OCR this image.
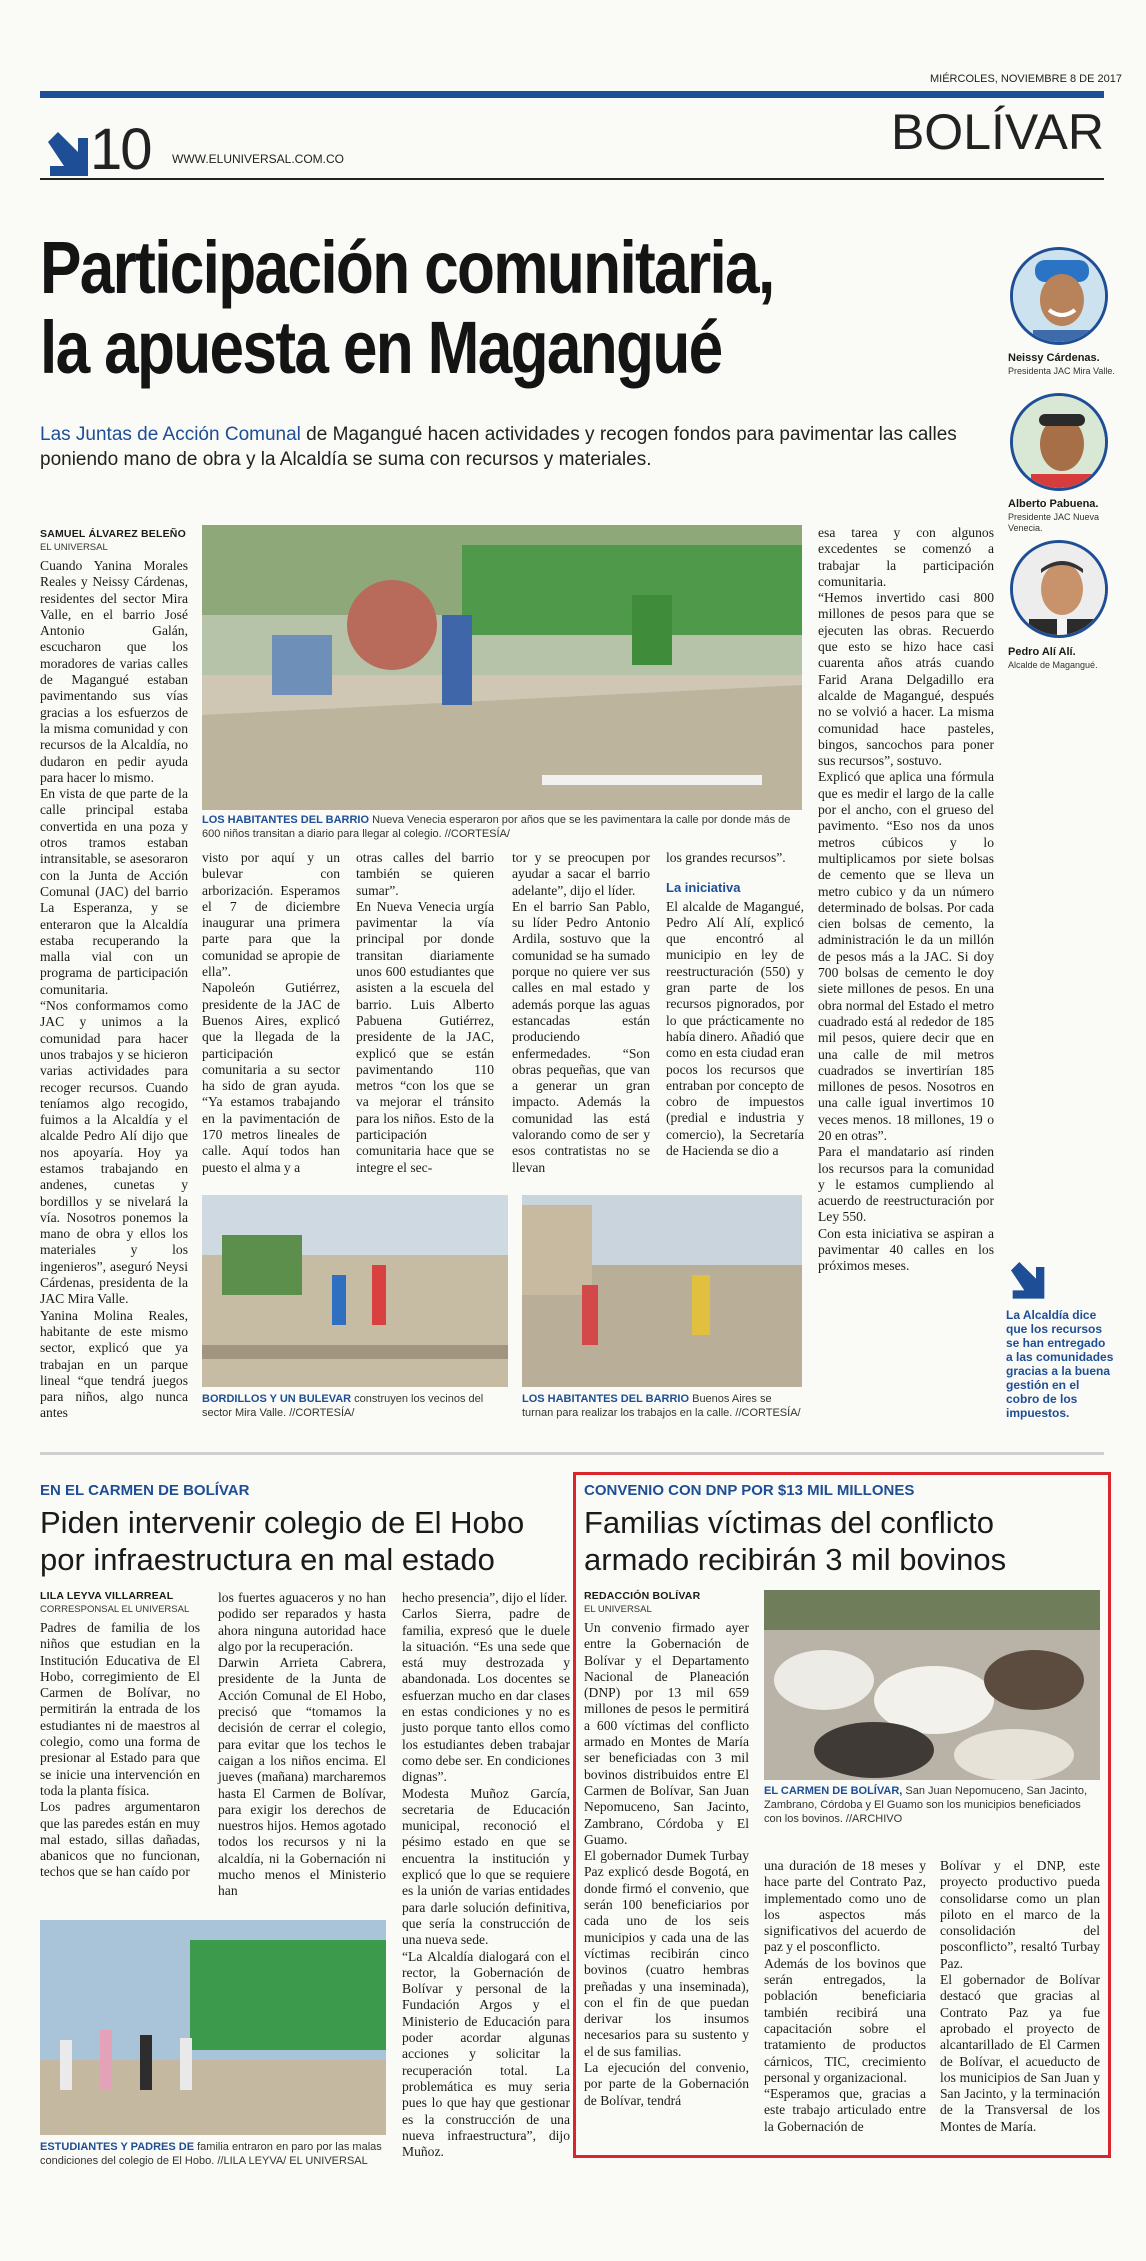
MIÉRCOLES, NOVIEMBRE 8 DE 2017
10 WWW.ELUNIVERSAL.COM.CO	BOLÍVAR
Participación comunitaria,
la apuesta en Magangué
Las Juntas de Acción Comunal de Magangué hacen actividades y recogen fondos para pavimentar las calles poniendo mano de obra y la Alcaldía se suma con recursos y materiales.
Neissy Cárdenas.
Presidenta JAC Mira Valle.
Alberto Pabuena.
Presidente JAC Nueva Venecia.
Pedro Alí Alí.
Alcalde de Magangué.
SAMUEL ÁLVAREZ BELEÑO
EL UNIVERSAL
Cuando Yanina Morales Reales y Neissy Cárdenas, residentes del sector Mira Valle, en el barrio José Antonio Galán, escucharon que los moradores de varias calles de Magangué estaban pavimentando sus vías gracias a los esfuerzos de la misma comunidad y con recursos de la Alcaldía, no dudaron en pedir ayuda para hacer lo mismo.
En vista de que parte de la calle principal estaba convertida en una poza y otros tramos estaban intransitable, se asesoraron con la Junta de Acción Comunal (JAC) del barrio La Esperanza, y se enteraron que la Alcaldía estaba recuperando la malla vial con un programa de participación comunitaria.
“Nos conformamos como JAC y unimos a la comunidad para hacer unos trabajos y se hicieron varias actividades para recoger recursos. Cuando teníamos algo recogido, fuimos a la Alcaldía y el alcalde Pedro Alí dijo que nos apoyaría. Hoy ya estamos trabajando en andenes, cunetas y bordillos y se nivelará la vía. Nosotros ponemos la mano de obra y ellos los materiales y los ingenieros”, aseguró Neysi Cárdenas, presidenta de la JAC Mira Valle.
Yanina Molina Reales, habitante de este mismo sector, explicó que ya trabajan en un parque lineal “que tendrá juegos para niños, algo nunca antes
LOS HABITANTES DEL BARRIO Nueva Venecia esperaron por años que se les pavimentara la calle por donde más de 600 niños transitan a diario para llegar al colegio. //CORTESÍA/
visto por aquí y un bulevar con arborización. Esperamos el 7 de diciembre inaugurar una primera parte para que la comunidad se apropie de ella”.
Napoleón Gutiérrez, presidente de la JAC de Buenos Aires, explicó que la llegada de la participación comunitaria a su sector ha sido de gran ayuda. “Ya estamos trabajando en la pavimentación de 170 metros lineales de calle. Aquí todos han puesto el alma y a
otras calles del barrio también se quieren sumar”.
En Nueva Venecia urgía pavimentar la vía principal por donde transitan diariamente unos 600 estudiantes que asisten a la escuela del barrio. Luis Alberto Pabuena Gutiérrez, presidente de la JAC, explicó que se están pavimentando 110 metros “con los que se va mejorar el tránsito para los niños. Esto de la participación comunitaria hace que se integre el sec-
tor y se preocupen por ayudar a sacar el barrio adelante”, dijo el líder.
En el barrio San Pablo, su líder Pedro Antonio Ardila, sostuvo que la comunidad se ha sumado porque no quiere ver sus calles en mal estado y además porque las aguas estancadas están produciendo enfermedades. “Son obras pequeñas, que van a generar un gran impacto. Además la comunidad las está valorando como de ser y esos contratistas no se llevan
los grandes recursos”.
La iniciativa
El alcalde de Magangué, Pedro Alí Alí, explicó que encontró al municipio en ley de reestructuración (550) y gran parte de los recursos pignorados, por lo que prácticamente no había dinero. Añadió que como en esta ciudad eran pocos los recursos que entraban por concepto de cobro de impuestos (predial e industria y comercio), la Secretaría de Hacienda se dio a
esa tarea y con algunos excedentes se comenzó a trabajar la participación comunitaria.
“Hemos invertido casi 800 millones de pesos para que se ejecuten las obras. Recuerdo que esto se hizo hace casi cuarenta años atrás cuando Farid Arana Delgadillo era alcalde de Magangué, después no se volvió a hacer. La misma comunidad hace pasteles, bingos, sancochos para poner sus recursos”, sostuvo.
Explicó que aplica una fórmula que es medir el largo de la calle por el ancho, con el grueso del pavimento. “Eso nos da unos metros cúbicos y lo multiplicamos por siete bolsas de cemento que se lleva un metro cubico y da un número determinado de bolsas. Por cada cien bolsas de cemento, la administración le da un millón de pesos más a la JAC. Si doy 700 bolsas de cemento le doy siete millones de pesos. En una obra normal del Estado el metro cuadrado está al rededor de 185 mil pesos, quiere decir que en una calle de mil metros cuadrados se invertirían 185 millones de pesos. Nosotros en una calle igual invertimos 10 veces menos. 18 millones, 19 o 20 en otras”.
Para el mandatario así rinden los recursos para la comunidad y le estamos cumpliendo al acuerdo de reestructuración por Ley 550.
Con esta iniciativa se aspiran a pavimentar 40 calles en los próximos meses.
BORDILLOS Y UN BULEVAR construyen los vecinos del sector Mira Valle. //CORTESÍA/
LOS HABITANTES DEL BARRIO Buenos Aires se turnan para realizar los trabajos en la calle. //CORTESÍA/
La Alcaldía dice que los recursos se han entregado a las comunidades gracias a la buena gestión en el cobro de los impuestos.
EN EL CARMEN DE BOLÍVAR
Piden intervenir colegio de El Hobo
por infraestructura en mal estado
LILA LEYVA VILLARREAL
CORRESPONSAL EL UNIVERSAL
Padres de familia de los niños que estudian en la Institución Educativa de El Hobo, corregimiento de El Carmen de Bolívar, no permitirán la entrada de los estudiantes ni de maestros al colegio, como una forma de presionar al Estado para que se inicie una intervención en toda la planta física.
Los padres argumentaron que las paredes están en muy mal estado, sillas dañadas, abanicos que no funcionan, techos que se han caído por
los fuertes aguaceros y no han podido ser reparados y hasta ahora ninguna autoridad hace algo por la recuperación.
Darwin Arrieta Cabrera, presidente de la Junta de Acción Comunal de El Hobo, precisó que “tomamos la decisión de cerrar el colegio, para evitar que los techos le caigan a los niños encima. El jueves (mañana) marcharemos hasta El Carmen de Bolívar, para exigir los derechos de nuestros hijos. Hemos agotado todos los recursos y ni la alcaldía, ni la Gobernación ni mucho menos el Ministerio han
hecho presencia”, dijo el líder.
Carlos Sierra, padre de familia, expresó que le duele la situación. “Es una sede que está muy destrozada y abandonada. Los docentes se esfuerzan mucho en dar clases en estas condiciones y no es justo porque tanto ellos como los estudiantes deben trabajar como debe ser. En condiciones dignas”.
Modesta Muñoz García, secretaria de Educación municipal, reconoció el pésimo estado en que se encuentra la institución y explicó que lo que se requiere es la unión de varias entidades para darle solución definitiva, que sería la construcción de una nueva sede.
“La Alcaldía dialogará con el rector, la Gobernación de Bolívar y personal de la Fundación Argos y el Ministerio de Educación para poder acordar algunas acciones y solicitar la recuperación total. La problemática es muy seria pues lo que hay que gestionar es la construcción de una nueva infraestructura”, dijo Muñoz.
ESTUDIANTES Y PADRES DE familia entraron en paro por las malas condiciones del colegio de El Hobo. //LILA LEYVA/ EL UNIVERSAL
CONVENIO CON DNP POR $13 MIL MILLONES
Familias víctimas del conflicto
armado recibirán 3 mil bovinos
REDACCIÓN BOLÍVAR
EL UNIVERSAL
Un convenio firmado ayer entre la Gobernación de Bolívar y el Departamento Nacional de Planeación (DNP) por 13 mil 659 millones de pesos le permitirá a 600 víctimas del conflicto armado en Montes de María ser beneficiadas con 3 mil bovinos distribuidos entre El Carmen de Bolívar, San Juan Nepomuceno, San Jacinto, Zambrano, Córdoba y El Guamo.
El gobernador Dumek Turbay Paz explicó desde Bogotá, en donde firmó el convenio, que serán 100 beneficiarios por cada uno de los seis municipios y cada una de las víctimas recibirán cinco bovinos (cuatro hembras preñadas y una inseminada), con el fin de que puedan derivar los insumos necesarios para su sustento y el de sus familias.
La ejecución del convenio, por parte de la Gobernación de Bolívar, tendrá
EL CARMEN DE BOLÍVAR, San Juan Nepomuceno, San Jacinto, Zambrano, Córdoba y El Guamo son los municipios beneficiados con los bovinos. //ARCHIVO
una duración de 18 meses y hace parte del Contrato Paz, implementado como uno de los aspectos más significativos del acuerdo de paz y el posconflicto.
Además de los bovinos que serán entregados, la población beneficiaria también recibirá una capacitación sobre el tratamiento de productos cárnicos, TIC, crecimiento personal y organizacional.
“Esperamos que, gracias a este trabajo articulado entre la Gobernación de
Bolívar y el DNP, este proyecto productivo pueda consolidarse como un plan piloto en el marco de la consolidación del posconflicto”, resaltó Turbay Paz.
El gobernador de Bolívar destacó que gracias al Contrato Paz ya fue aprobado el proyecto de alcantarillado de El Carmen de Bolívar, el acueducto de los municipios de San Juan y San Jacinto, y la terminación de la Transversal de los Montes de María.
